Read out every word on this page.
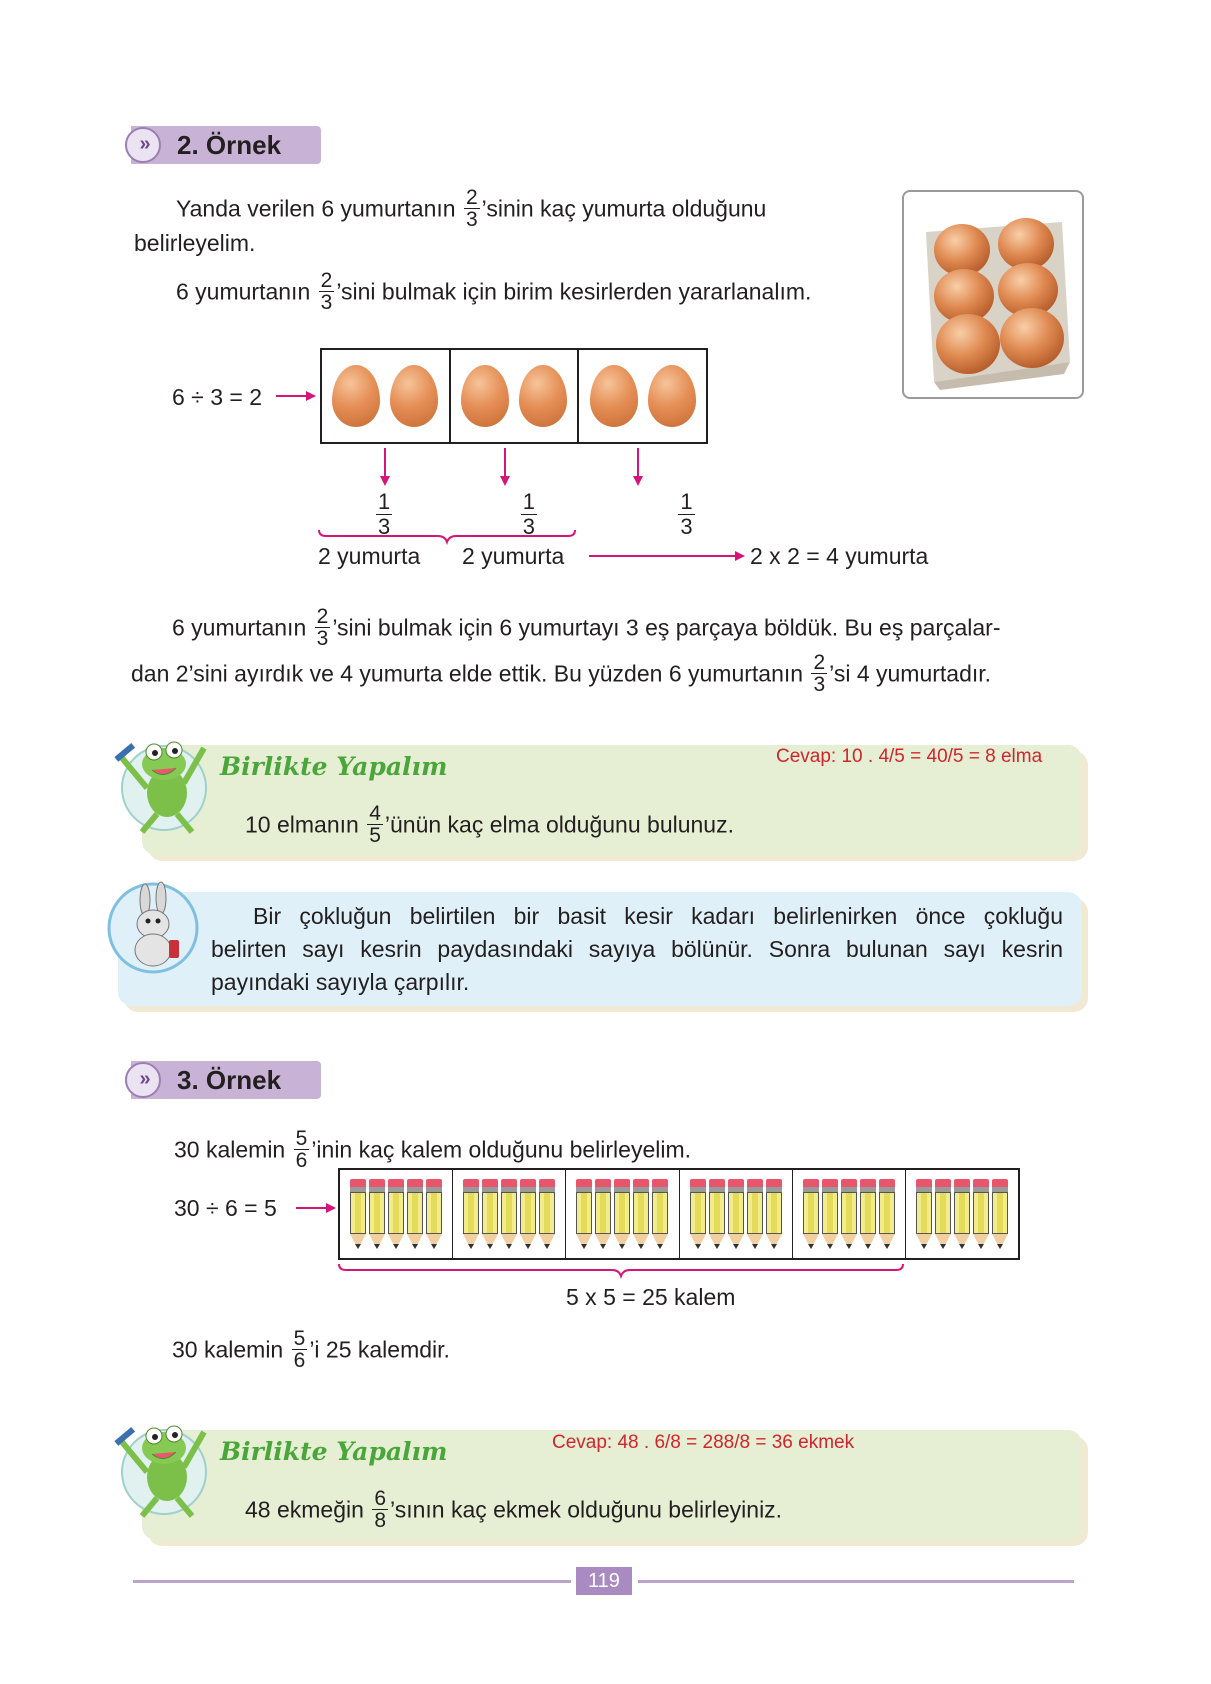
»	2. Örnek
Yanda verilen 6 yumurtanın $\frac{2}{3}$ ’sinin kaç yumurta olduğunu
belirleyelim.
6 yumurtanın $\frac{2}{3}$ ’sini bulmak için birim kesirlerden yararlanalım.
6 ÷ 3 = 2
$\frac{1}{3}$
	$\frac{1}{3}$
	$\frac{1}{3}$
2 yumurta 2 yumurta	2 x 2 = 4 yumurta
6 yumurtanın $\frac{2}{3}$ ’sini bulmak için 6 yumurtayı 3 eş parçaya böldük. Bu eş parçalar-
dan 2’sini ayırdık ve 4 yumurta elde ettik. Bu yüzden 6 yumurtanın $\frac{2}{3}$ ’si 4 yumurtadır.
Birlikte Yapalım	Cevap: 10 . 4/5 = 40/5 = 8 elma
10 elmanın $\frac{4}{5}$ ’ünün kaç elma olduğunu bulunuz.
Bir çokluğun belirtilen bir basit kesir kadarı belirlenirken önce çokluğu
belirten sayı kesrin paydasındaki sayıya bölünür. Sonra bulunan sayı kesrin
payındaki sayıyla çarpılır.
»	3. Örnek
30 kalemin $\frac{5}{6}$ ’inin kaç kalem olduğunu belirleyelim.
30 ÷ 6 = 5
5 x 5 = 25 kalem
30 kalemin $\frac{5}{6}$ ’i 25 kalemdir.
Birlikte Yapalım	Cevap: 48 . 6/8 = 288/8 = 36 ekmek
48 ekmeğin $\frac{6}{8}$ ’sının kaç ekmek olduğunu belirleyiniz.
119
